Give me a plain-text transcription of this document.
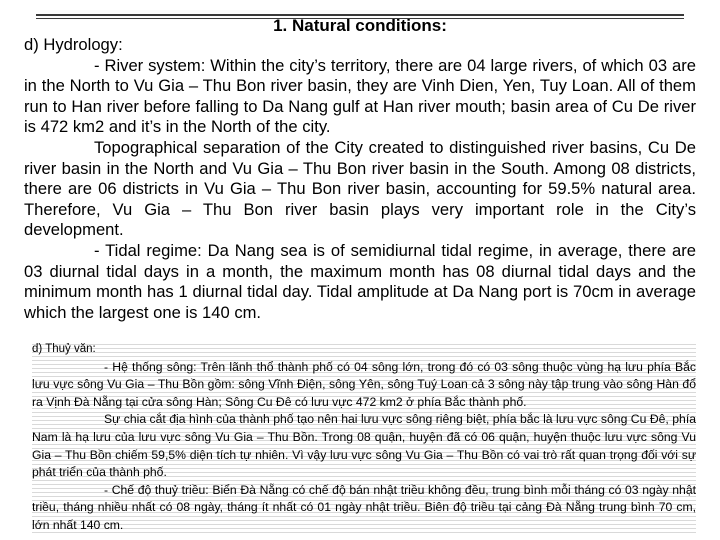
1. Natural conditions:

d) Hydrology:

- River system: Within the city’s territory, there are 04 large rivers, of which 03 are in the North to Vu Gia – Thu Bon river basin, they are Vinh Dien, Yen, Tuy Loan. All of them run to Han river before falling to Da Nang gulf at Han river mouth; basin area of Cu De river is 472 km2 and it’s in the North of the city.

Topographical separation of the City created to distinguished river basins, Cu De river basin in the North and Vu Gia – Thu Bon river basin in the South. Among 08 districts, there are 06 districts in Vu Gia – Thu Bon river basin, accounting for 59.5% natural area. Therefore, Vu Gia – Thu Bon river basin plays very important role in the City’s development.

- Tidal regime: Da Nang sea is of semidiurnal tidal regime, in average, there are 03 diurnal tidal days in a month, the maximum month has 08 diurnal tidal days and the minimum month has 1 diurnal tidal day. Tidal amplitude at Da Nang port is 70cm in average which the largest one is 140 cm.

d) Thuỷ văn:

- Hệ thống sông: Trên lãnh thổ thành phố có 04 sông lớn, trong đó có 03 sông thuộc vùng hạ lưu phía Bắc lưu vực sông Vu Gia – Thu Bồn gồm: sông Vĩnh Điện, sông Yên, sông Tuý Loan cả 3 sông này tập trung vào sông Hàn đổ ra Vịnh Đà Nẵng tại cửa sông Hàn; Sông Cu Đê có lưu vực 472 km2 ở phía Bắc thành phố.

Sự chia cắt địa hình của thành phố tạo nên hai lưu vực sông riêng biệt, phía bắc là lưu vực sông Cu Đê, phía Nam là hạ lưu của lưu vực sông Vu Gia – Thu Bồn. Trong 08 quận, huyện đã có 06 quận, huyện thuộc lưu vực sông Vu Gia – Thu Bồn chiếm 59,5% diện tích tự nhiên. Vì vậy lưu vực sông Vu Gia – Thu Bồn có vai trò rất quan trọng đối với sự phát triển của thành phố.

- Chế độ thuỷ triều: Biển Đà Nẵng có chế độ bán nhật triều không đều, trung bình mỗi tháng có 03 ngày nhật triều, tháng nhiều nhất có 08 ngày, tháng ít nhất có 01 ngày nhật triều. Biên độ triều tại cảng Đà Nẵng trung bình 70 cm, lớn nhất 140 cm.
